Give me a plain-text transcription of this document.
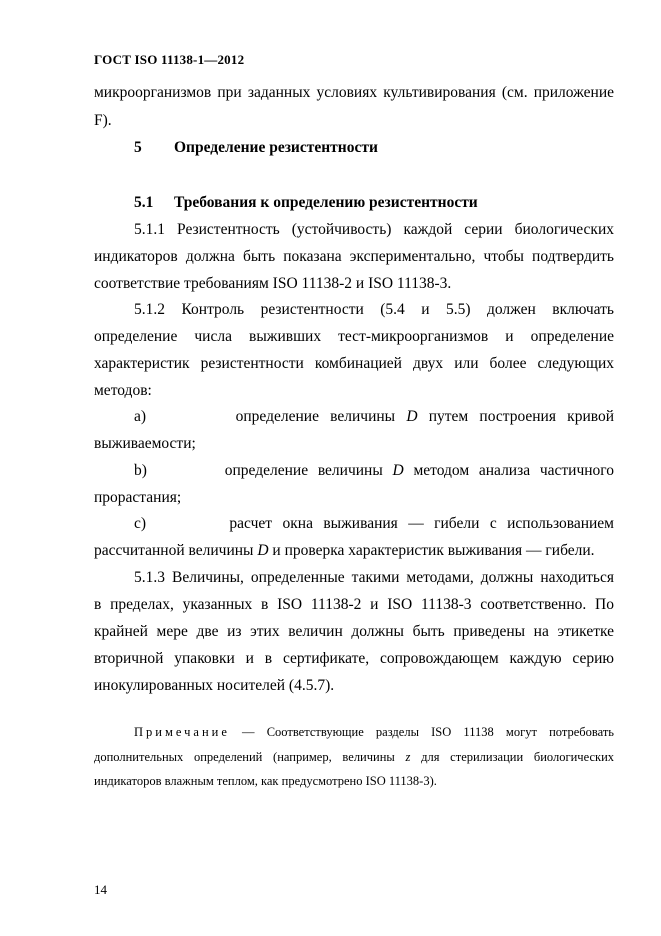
ГОСТ ISO 11138-1—2012
микроорганизмов при заданных условиях культивирования (см. приложение
F).
5 Определение резистентности
5.1 Требования к определению резистентности
5.1.1 Резистентность (устойчивость) каждой серии биологических
индикаторов должна быть показана экспериментально, чтобы подтвердить
соответствие требованиям ISO 11138-2 и ISO 11138-3.
5.1.2 Контроль резистентности (5.4 и 5.5) должен включать
определение числа выживших тест-микроорганизмов и определение
характеристик резистентности комбинацией двух или более следующих
методов:
a)	определение величины D путем построения кривой
выживаемости;
b)	определение величины D методом анализа частичного
прорастания;
c)	расчет окна выживания — гибели с использованием
рассчитанной величины D и проверка характеристик выживания — гибели.
5.1.3 Величины, определенные такими методами, должны находиться
в пределах, указанных в ISO 11138-2 и ISO 11138-3 соответственно. По
крайней мере две из этих величин должны быть приведены на этикетке
вторичной упаковки и в сертификате, сопровождающем каждую серию
инокулированных носителей (4.5.7).
Примечание — Соответствующие разделы ISO 11138 могут потребовать
дополнительных определений (например, величины z для стерилизации биологических
индикаторов влажным теплом, как предусмотрено ISO 11138-3).
14
